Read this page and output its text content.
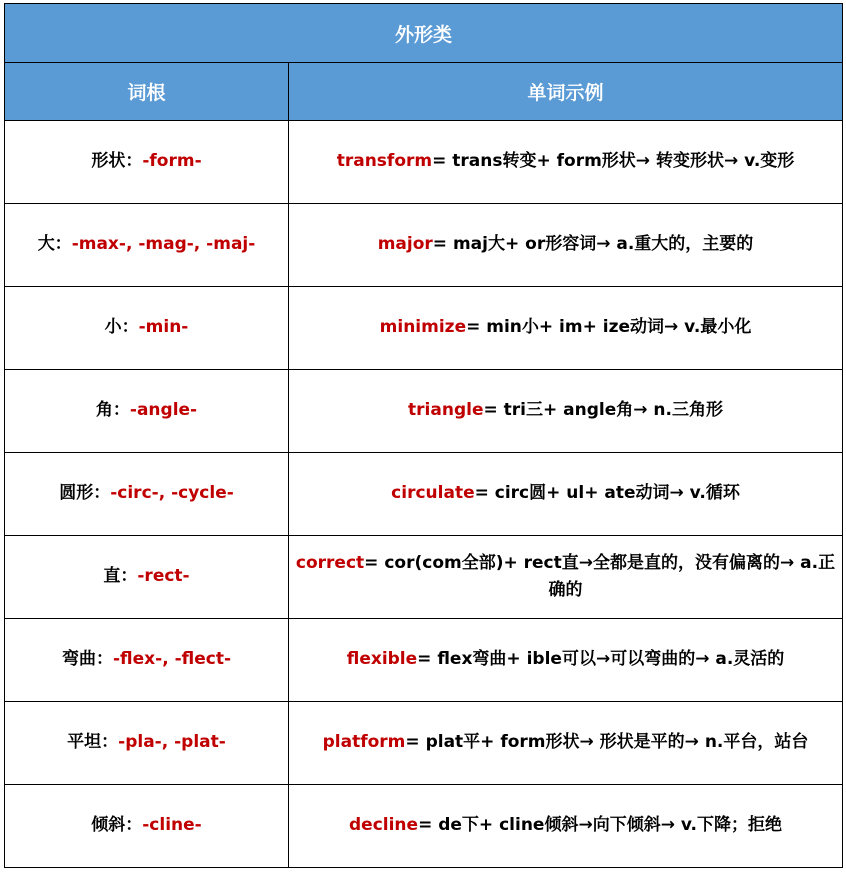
外形类	
词根	单词示例
形状：-form-	transform= trans转变+ form形状→ 转变形状→ v.变形
大：-max-, -mag-, -maj-	major= maj大+ or形容词→ a.重大的，主要的
小：-min-	minimize= min小+ im+ ize动词→ v.最小化
角：-angle-	triangle= tri三+ angle角→ n.三角形
圆形：-circ-, -cycle-	circulate= circ圆+ ul+ ate动词→ v.循环
直：-rect-	correct= cor(com全部)+ rect直→全都是直的，没有偏离的→ a.正确的
弯曲：-flex-, -flect-	flexible= flex弯曲+ ible可以→可以弯曲的→ a.灵活的
平坦：-pla-, -plat-	platform= plat平+ form形状→ 形状是平的→ n.平台，站台
倾斜：-cline-	decline= de下+ cline倾斜→向下倾斜→ v.下降；拒绝
